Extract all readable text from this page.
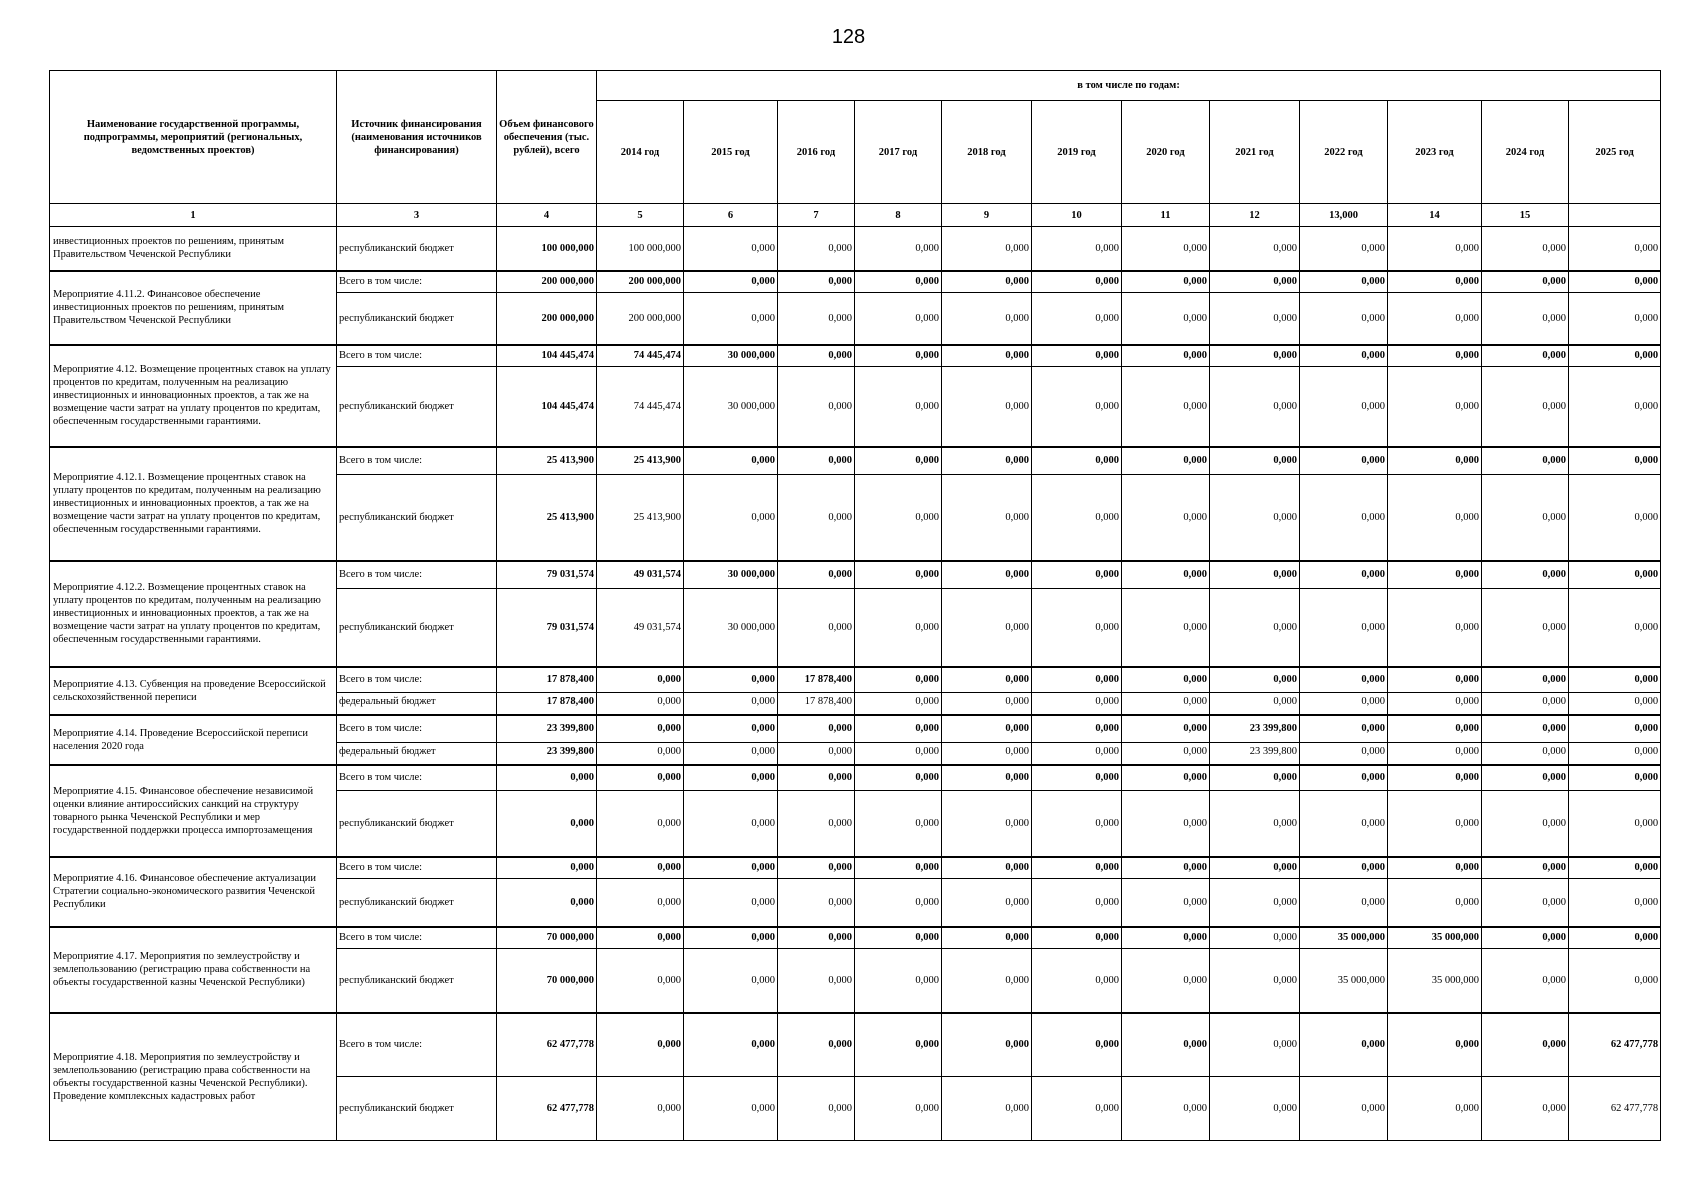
128
Наименование государственной программы, подпрограммы, мероприятий (региональных, ведомственных проектов)	Источник финансирования (наименования источников финансирования)	Объем финансового обеспечения (тыс. рублей), всего	в том числе по годам:											
			2014 год	2015 год	2016 год	2017 год	2018 год	2019 год	2020 год	2021 год	2022 год	2023 год	2024 год	2025 год
1	3	4	5	6	7	8	9	10	11	12	13,000	14	15	
инвестиционных проектов по решениям, принятым Правительством Чеченской Республики	республиканский бюджет	100 000,000	100 000,000	0,000	0,000	0,000	0,000	0,000	0,000	0,000	0,000	0,000	0,000	0,000
Мероприятие 4.11.2. Финансовое обеспечение инвестиционных проектов по решениям, принятым Правительством Чеченской Республики	Всего в том числе:	200 000,000	200 000,000	0,000	0,000	0,000	0,000	0,000	0,000	0,000	0,000	0,000	0,000	0,000
	республиканский бюджет	200 000,000	200 000,000	0,000	0,000	0,000	0,000	0,000	0,000	0,000	0,000	0,000	0,000	0,000
Мероприятие 4.12. Возмещение процентных ставок на уплату процентов по кредитам, полученным на реализацию инвестиционных и инновационных проектов, а так же на возмещение части затрат на уплату процентов по кредитам, обеспеченным государственными гарантиями.	Всего в том числе:	104 445,474	74 445,474	30 000,000	0,000	0,000	0,000	0,000	0,000	0,000	0,000	0,000	0,000	0,000
	республиканский бюджет	104 445,474	74 445,474	30 000,000	0,000	0,000	0,000	0,000	0,000	0,000	0,000	0,000	0,000	0,000
Мероприятие 4.12.1. Возмещение процентных ставок на уплату процентов по кредитам, полученным на реализацию инвестиционных и инновационных проектов, а так же на возмещение части затрат на уплату процентов по кредитам, обеспеченным государственными гарантиями.	Всего в том числе:	25 413,900	25 413,900	0,000	0,000	0,000	0,000	0,000	0,000	0,000	0,000	0,000	0,000	0,000
	республиканский бюджет	25 413,900	25 413,900	0,000	0,000	0,000	0,000	0,000	0,000	0,000	0,000	0,000	0,000	0,000
Мероприятие 4.12.2. Возмещение процентных ставок на уплату процентов по кредитам, полученным на реализацию инвестиционных и инновационных проектов, а так же на возмещение части затрат на уплату процентов по кредитам, обеспеченным государственными гарантиями.	Всего в том числе:	79 031,574	49 031,574	30 000,000	0,000	0,000	0,000	0,000	0,000	0,000	0,000	0,000	0,000	0,000
	республиканский бюджет	79 031,574	49 031,574	30 000,000	0,000	0,000	0,000	0,000	0,000	0,000	0,000	0,000	0,000	0,000
Мероприятие 4.13. Субвенция на проведение Всероссийской сельскохозяйственной переписи	Всего в том числе:	17 878,400	0,000	0,000	17 878,400	0,000	0,000	0,000	0,000	0,000	0,000	0,000	0,000	0,000
	федеральный бюджет	17 878,400	0,000	0,000	17 878,400	0,000	0,000	0,000	0,000	0,000	0,000	0,000	0,000	0,000
Мероприятие 4.14. Проведение Всероссийской переписи населения 2020 года	Всего в том числе:	23 399,800	0,000	0,000	0,000	0,000	0,000	0,000	0,000	23 399,800	0,000	0,000	0,000	0,000
	федеральный бюджет	23 399,800	0,000	0,000	0,000	0,000	0,000	0,000	0,000	23 399,800	0,000	0,000	0,000	0,000
Мероприятие 4.15. Финансовое обеспечение независимой оценки влияние антироссийских санкций на структуру товарного рынка Чеченской Республики и мер государственной поддержки процесса импортозамещения	Всего в том числе:	0,000	0,000	0,000	0,000	0,000	0,000	0,000	0,000	0,000	0,000	0,000	0,000	0,000
	республиканский бюджет	0,000	0,000	0,000	0,000	0,000	0,000	0,000	0,000	0,000	0,000	0,000	0,000	0,000
Мероприятие 4.16. Финансовое обеспечение актуализации Стратегии социально-экономического развития Чеченской Республики	Всего в том числе:	0,000	0,000	0,000	0,000	0,000	0,000	0,000	0,000	0,000	0,000	0,000	0,000	0,000
	республиканский бюджет	0,000	0,000	0,000	0,000	0,000	0,000	0,000	0,000	0,000	0,000	0,000	0,000	0,000
Мероприятие 4.17. Мероприятия по землеустройству и землепользованию (регистрацию права собственности на объекты государственной казны Чеченской Республики)	Всего в том числе:	70 000,000	0,000	0,000	0,000	0,000	0,000	0,000	0,000	0,000	35 000,000	35 000,000	0,000	0,000
	республиканский бюджет	70 000,000	0,000	0,000	0,000	0,000	0,000	0,000	0,000	0,000	35 000,000	35 000,000	0,000	0,000
Мероприятие 4.18. Мероприятия по землеустройству и землепользованию (регистрацию права собственности на объекты государственной казны Чеченской Республики). Проведение комплексных кадастровых работ	Всего в том числе:	62 477,778	0,000	0,000	0,000	0,000	0,000	0,000	0,000	0,000	0,000	0,000	0,000	62 477,778
	республиканский бюджет	62 477,778	0,000	0,000	0,000	0,000	0,000	0,000	0,000	0,000	0,000	0,000	0,000	62 477,778
